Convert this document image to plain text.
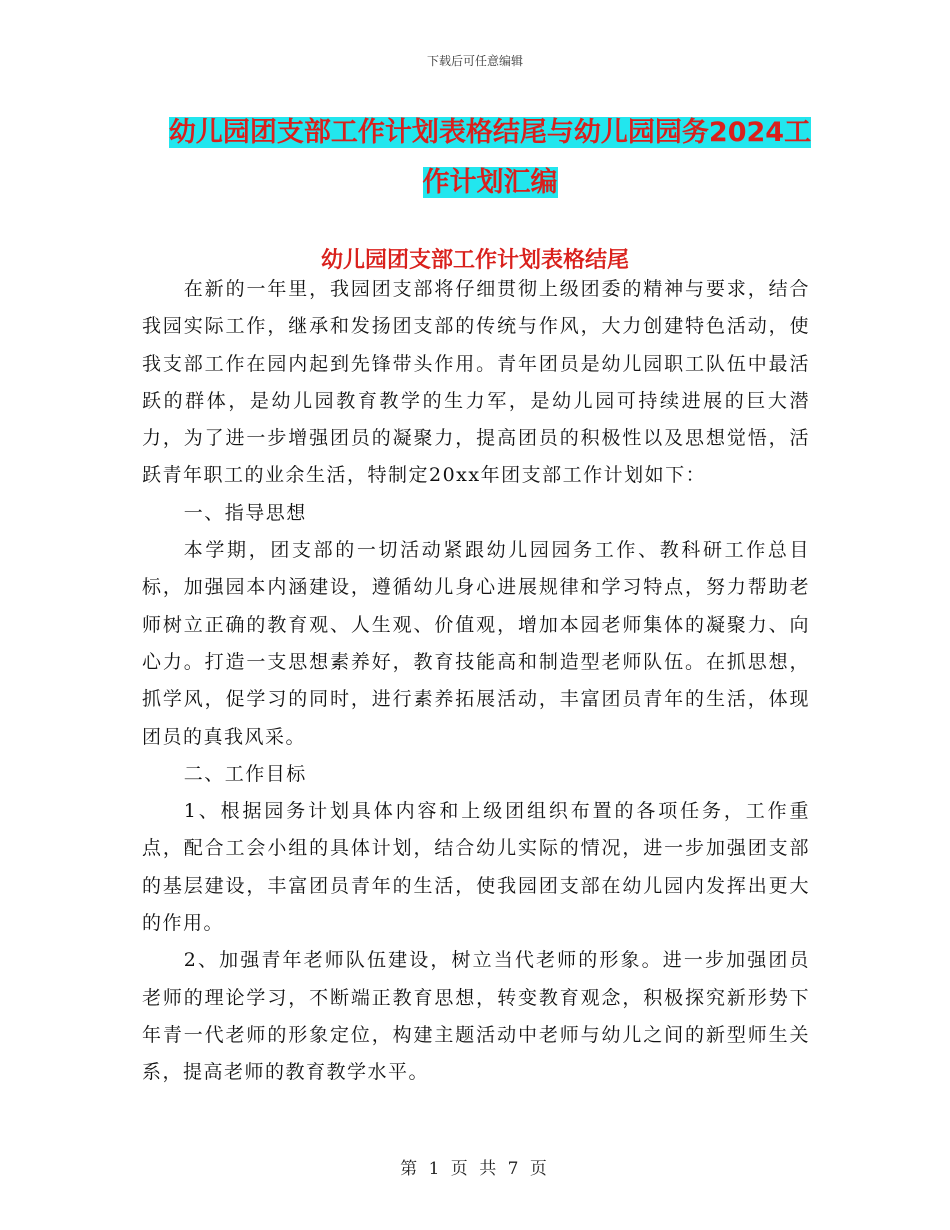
下载后可任意编辑
幼儿园团支部工作计划表格结尾与幼儿园园务2024工作计划汇编
幼儿园团支部工作计划表格结尾

在新的一年里，我园团支部将仔细贯彻上级团委的精神与要求，结合我园实际工作，继承和发扬团支部的传统与作风，大力创建特色活动，使我支部工作在园内起到先锋带头作用。青年团员是幼儿园职工队伍中最活跃的群体，是幼儿园教育教学的生力军，是幼儿园可持续进展的巨大潜力，为了进一步增强团员的凝聚力，提高团员的积极性以及思想觉悟，活跃青年职工的业余生活，特制定20xx年团支部工作计划如下：

一、指导思想

本学期，团支部的一切活动紧跟幼儿园园务工作、教科研工作总目标，加强园本内涵建设，遵循幼儿身心进展规律和学习特点，努力帮助老师树立正确的教育观、人生观、价值观，增加本园老师集体的凝聚力、向心力。打造一支思想素养好，教育技能高和制造型老师队伍。在抓思想，抓学风，促学习的同时，进行素养拓展活动，丰富团员青年的生活，体现团员的真我风采。

二、工作目标

1、根据园务计划具体内容和上级团组织布置的各项任务，工作重点，配合工会小组的具体计划，结合幼儿实际的情况，进一步加强团支部的基层建设，丰富团员青年的生活，使我园团支部在幼儿园内发挥出更大的作用。

2、加强青年老师队伍建设，树立当代老师的形象。进一步加强团员老师的理论学习，不断端正教育思想，转变教育观念，积极探究新形势下年青一代老师的形象定位，构建主题活动中老师与幼儿之间的新型师生关系，提高老师的教育教学水平。

第 1 页 共 7 页
